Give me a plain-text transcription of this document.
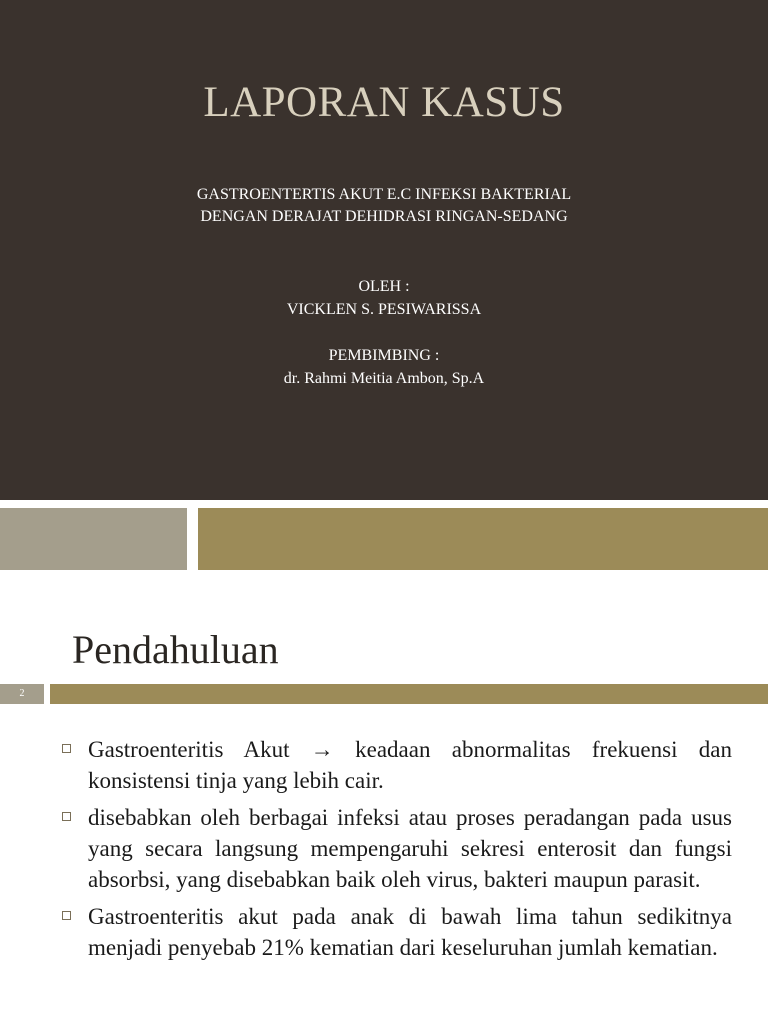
LAPORAN KASUS
GASTROENTERTIS AKUT E.C INFEKSI BAKTERIAL
DENGAN DERAJAT DEHIDRASI RINGAN-SEDANG
OLEH :
VICKLEN S. PESIWARISSA
PEMBIMBING :
dr. Rahmi Meitia Ambon, Sp.A
Pendahuluan
2
Gastroenteritis Akut → keadaan abnormalitas frekuensi dan konsistensi tinja yang lebih cair.
disebabkan oleh berbagai infeksi atau proses peradangan pada usus yang secara langsung mempengaruhi sekresi enterosit dan fungsi absorbsi, yang disebabkan baik oleh virus, bakteri maupun parasit.
Gastroenteritis akut pada anak di bawah lima tahun sedikitnya menjadi penyebab 21% kematian dari keseluruhan jumlah kematian.
